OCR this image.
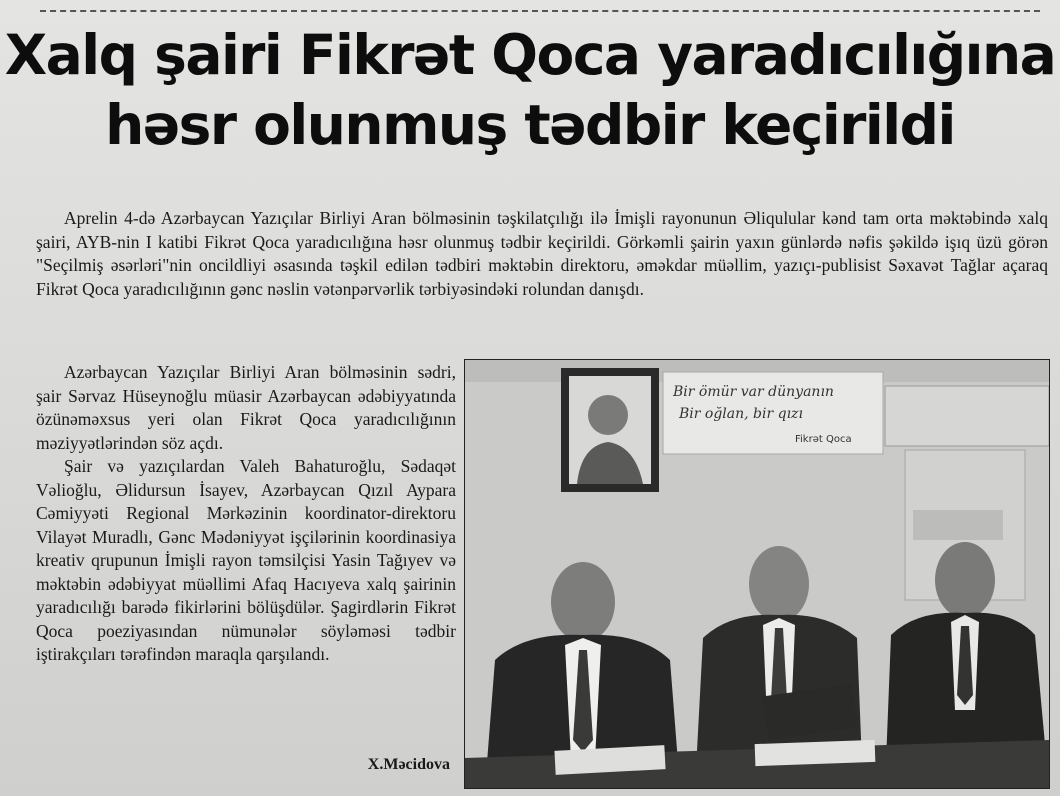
Xalq şairi Fikrət Qoca yaradıcılığına
həsr olunmuş tədbir keçirildi

Aprelin 4-də Azərbaycan Yazıçılar Birliyi Aran bölməsinin təşkilatçılığı ilə İmişli rayonunun Əliqulular kənd tam orta məktəbində xalq şairi, AYB-nin I katibi Fikrət Qoca yaradıcılığına həsr olunmuş tədbir keçirildi. Görkəmli şairin yaxın günlərdə nəfis şəkildə işıq üzü görən "Seçilmiş əsərləri"nin oncildliyi əsasında təşkil edilən tədbiri məktəbin direktoru, əməkdar müəllim, yazıçı-publisist Səxavət Tağlar açaraq Fikrət Qoca yaradıcılığının gənc nəslin vətənpərvərlik tərbiyəsindəki rolundan danışdı.

Azərbaycan Yazıçılar Birliyi Aran bölməsinin sədri, şair Sərvaz Hüseynoğlu müasir Azərbaycan ədəbiyyatında özünəməxsus yeri olan Fikrət Qoca yaradıcılığının məziyyətlərindən söz açdı.

Şair və yazıçılardan Valeh Bahaturoğlu, Sədaqət Vəlioğlu, Əlidursun İsayev, Azərbaycan Qızıl Aypara Cəmiyyəti Regional Mərkəzinin koordinator-direktoru Vilayət Muradlı, Gənc Mədəniyyət işçilərinin koordinasiya kreativ qrupunun İmişli rayon təmsilçisi Yasin Tağıyev və məktəbin ədəbiyyat müəllimi Afaq Hacıyeva xalq şairinin yaradıcılığı barədə fikirlərini bölüşdülər. Şagirdlərin Fikrət Qoca poeziyasından nümunələr söyləməsi tədbir iştirakçıları tərəfindən maraqla qarşılandı.

X.Məcidova
Bir ömür var dünyanın
Bir oğlan, bir qızı
Fikrət Qoca
